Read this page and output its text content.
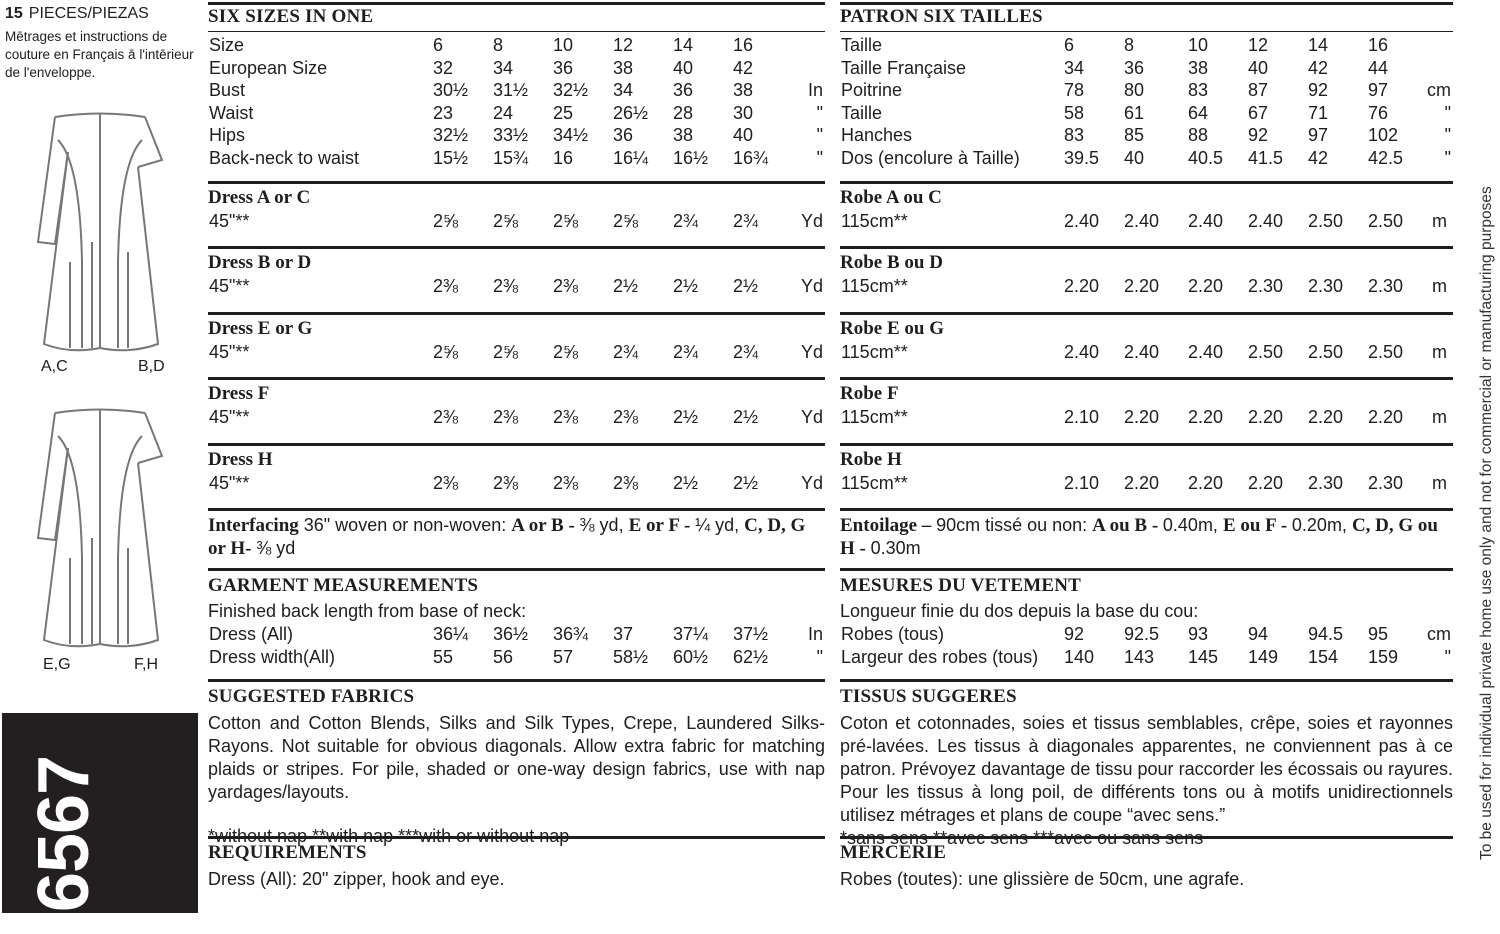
15 PIECES/PIEZAS
Mētrages et instructions de couture en Français ā l'intērieur de l'enveloppe.
A,C	B,D
E,G	F,H
6567
SIX SIZES IN ONE
Size	6	8	10 12 14 16
European Size	32 34 36 38 40 42
Bust	30½ 31½ 32½ 34 36 38	In
Waist	23 24 25 26½ 28 30	"
Hips	32½ 33½ 34½ 36 38 40	"
Back-neck to waist	15½ 15¾ 16 16¼ 16½ 16¾	"
Dress A or C
45"**	2⅝ 2⅝ 2⅝ 2⅝ 2¾ 2¾ Yd
Dress B or D
45"**	2⅜ 2⅜ 2⅜ 2½ 2½ 2½ Yd
Dress E or G
45"**	2⅝ 2⅝ 2⅝ 2¾ 2¾ 2¾ Yd
Dress F
45"**	2⅜ 2⅜ 2⅜ 2⅜ 2½ 2½ Yd
Dress H
45"**	2⅜ 2⅜ 2⅜ 2⅜ 2½ 2½ Yd
Interfacing 36" woven or non-woven: A or B - ⅜ yd, E or F - ¼ yd, C, D, G or H- ⅜ yd
GARMENT MEASUREMENTS
Finished back length from base of neck:
Dress (All)	36¼ 36½ 36¾ 37 37¼ 37½ In
Dress width(All)	55 56 57 58½ 60½ 62½	"
SUGGESTED FABRICS
Cotton and Cotton Blends, Silks and Silk Types, Crepe, Laundered Silks-Rayons. Not suitable for obvious diagonals. Allow extra fabric for matching plaids or stripes. For pile, shaded or one-way design fabrics, use with nap yardages/layouts.
REQUIREMENTS
Dress (All): 20" zipper, hook and eye.
PATRON SIX TAILLES
Taille	6	8	10 12 14 16
Taille Française	34 36 38 40 42 44
Poitrine	78 80 83 87 92 97 cm
Taille	58 61 64 67 71 76	"
Hanches	83 85 88 92 97 102	"
Dos (encolure à Taille) 39.5 40 40.5 41.5 42 42.5 "
Robe A ou C
115cm**	2.40 2.40 2.40 2.40 2.50 2.50 m
Robe B ou D
115cm**	2.20 2.20 2.20 2.30 2.30 2.30 m
Robe E ou G
115cm**	2.40 2.40 2.40 2.50 2.50 2.50 m
Robe F
115cm**	2.10 2.20 2.20 2.20 2.20 2.20 m
Robe H
115cm**	2.10 2.20 2.20 2.20 2.30 2.30 m
Entoilage – 90cm tissé ou non: A ou B - 0.40m, E ou F - 0.20m, C, D, G ou H - 0.30m
MESURES DU VETEMENT
Longueur finie du dos depuis la base du cou:
Robes (tous)	92 92.5 93 94 94.5 95 cm
Largeur des robes (tous) 140 143 145 149 154 159	"
TISSUS SUGGERES
Coton et cotonnades, soies et tissus semblables, crêpe, soies et rayonnes pré-lavées. Les tissus à diagonales apparentes, ne conviennent pas à ce patron. Prévoyez davantage de tissu pour raccorder les écossais ou rayures. Pour les tissus à long poil, de différents tons ou à motifs unidirectionnels utilisez métrages et plans de coupe “avec sens.”
MERCERIE
Robes (toutes): une glissière de 50cm, une agrafe.
To be used for individual private home use only and not for commercial or manufacturing purposes
